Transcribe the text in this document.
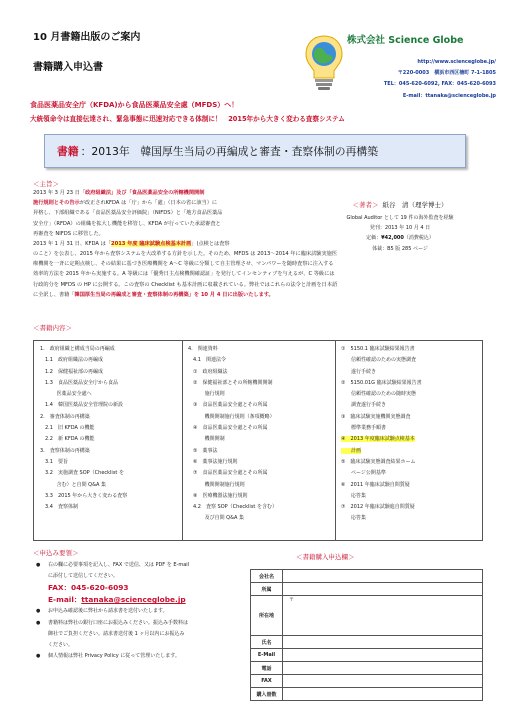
10 月書籍出版のご案内
書籍購入申込書
株式会社 Science Globe
http://www.scienceglobe.jp/
〒220-0003　横浜市西区楠町 7-1-1805
TEL：045-620-6092, FAX：045-620-6093
E-mail：ttanaka@scienceglobe.jp
食品医薬品安全庁（KFDA)から食品医薬品安全處（MFDS）へ！
大統領命令は直接伝達され、緊急事態に迅速対応できる体制に！　2015年から大きく変わる査察システム
書籍 ：2013年　韓国厚生当局の再編成と審査・査察体制の再構築
＜主旨＞
2013 年 3 月 23 日「政府組織法」及び「食品医薬品安全の所轄機関開制
施行規則とその告示が改正されKFDA は「庁」から「處」（日本の省に該当）に
昇格し、下部組織である「食品医薬品安全評価院」（NIFDS）と「地方食品医薬品
安全庁」（RFDA）の組織を拡大し機能を移管し、KFDA が行っていた承認審査と
再審査を NIFDS に移管した。
2013 年 1 月 31 日、KFDA は「2013 年度 臨床試験点検基本計画」(点検とは査察
のこと）を公表し、2015 年から査察システムを大改革する方針を示した。そのため、MFDS は 2013～2014 年に臨床試験実施医
療機関を一斉に定期点検し、その結果に基づき医療機関を A～C 等級に分類して自主管理させ、マンパワーを随時査察に注入する
効率的方法を 2015 年から実施する。A 等級には「優秀日主点検機関確認証」を発行してインセンティブを与えるが、C 等級には
行政的分を MFDS の HP に公開する。この査察の Checklist も基本計画に収載されている。弊社ではこれらの法令と計画を日本語
に全訳し、書籍「韓国厚生当局の再編成と審査・査察体制の再構築」を 10 月 4 日に出版いたします。
＜著者＞ 紙谷　清（理学博士）
Global Auditor として 19 件の海外監査を経験
発刊：2013 年 10 月 4 日
定価：¥42,000（消費税込）
体裁：B5 版 285 ページ
＜書籍内容＞
1.　政府組織と構成当局の再編成
　1.1　政府組織法の再編成
　1.2　保健福祉部の再編成
　1.3　食品医薬品安全庁から食品
　　　 医薬品安全處へ
　1.4　韓国医薬品安全管理院の新設
2.　審査体制の再構築
　2.1　旧 KFDA の機能
　2.2　新 KFDA の機能
3.　査察体制の再構築
　3.1　要旨
　3.2　実施調査 SOP（Checklist を
　　　 含む）と自問 Q&A 集
　3.3　2015 年から大きく変わる査察
　3.4　査察体制
4.　関連資料
　4.1　関連法令
　①　政府組織法
　②　保健福祉部とその所轄機関開制
　　　 施行規則
　③　食品医薬品安全處とその所属
　　　 機関開制施行規則（条項概略）
　④　食品医薬品安全處とその所属
　　　 機関開制
　⑤　薬事法
　⑥　薬事法施行規則
　⑦　食品医薬品安全處とその所属
　　　 機関開制施行規則
　⑧　医療機器法施行規則
　4.2　査察 SOP（Checklist を含む）
　　　 及び自問 Q&A 集
①　5150.1 臨床試験結果報告書
　　信頼性確認のための実態調査
　　遂行手続き
②　5150.01G 臨床試験結果報告書
　　信頼性確認のための随時実態
　　調査遂行手続き
③　臨床試験実施機関実態調査
　　標準業務手順書
④　2013 年度臨床試験点検基本
　　計画
⑤　臨床試験実態調査結果ホーム
　　ページ公開基準
⑥　2011 年臨床試験自問質疑
　　応答集
⑦　2012 年臨床試験進自問質疑
　　応答集
＜申込み要領＞	＜書籍購入申込欄＞
● 右の欄に必要事項を記入し、FAX で送信、又は PDF を E-mail
に添付して送信してください。
FAX：045-620-6093
E-mail：ttanaka@scienceglobe.jp
● お申込み確認後に弊社から請求書を送付いたします。
● 書籍料は弊社の銀行口座にお振込みください。振込み手数料は
御社でご負担ください。請求書送付後 1 ヶ月以内にお振込み
ください。
● 個人情報は弊社 Privacy Policy に従って管理いたします。
会社名	
所属	
所在地	〒
氏名	
E-Mail	
電話	
FAX	
購入冊数	
